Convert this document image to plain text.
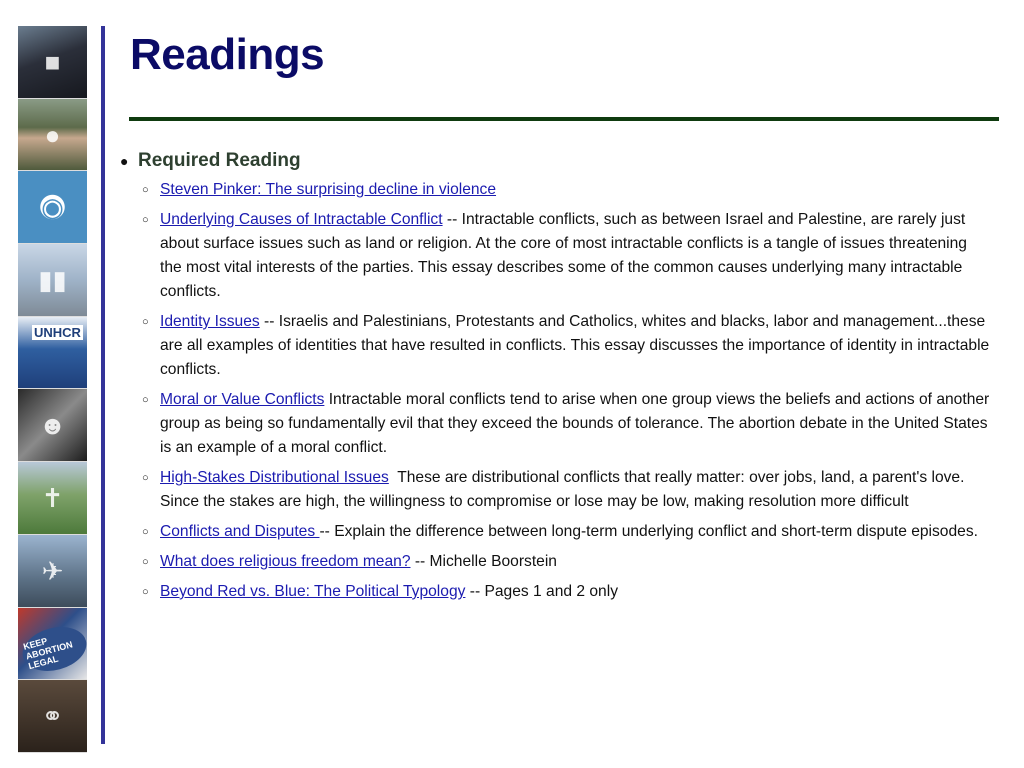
■
●
◉
▮▮
UNHCR
☻
✝
✈
KEEP ABORTION LEGAL
⚭
Readings
● Required Reading
○ Steven Pinker: The surprising decline in violence
○ Underlying Causes of Intractable Conflict -- Intractable conflicts, such as between Israel and Palestine, are rarely just about surface issues such as land or religion. At the core of most intractable conflicts is a tangle of issues threatening the most vital interests of the parties. This essay describes some of the common causes underlying many intractable conflicts.
○ Identity Issues -- Israelis and Palestinians, Protestants and Catholics, whites and blacks, labor and management...these are all examples of identities that have resulted in conflicts. This essay discusses the importance of identity in intractable conflicts.
○ Moral or Value Conflicts Intractable moral conflicts tend to arise when one group views the beliefs and actions of another group as being so fundamentally evil that they exceed the bounds of tolerance. The abortion debate in the United States is an example of a moral conflict.
○ High-Stakes Distributional Issues  These are distributional conflicts that really matter: over jobs, land, a parent's love. Since the stakes are high, the willingness to compromise or lose may be low, making resolution more difficult
○ Conflicts and Disputes -- Explain the difference between long-term underlying conflict and short-term dispute episodes.
○ What does religious freedom mean? -- Michelle Boorstein
○ Beyond Red vs. Blue: The Political Typology -- Pages 1 and 2 only
